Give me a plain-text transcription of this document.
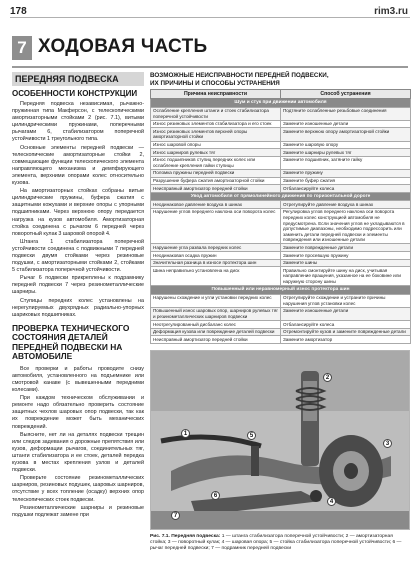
178	rim3.ru
7 ХОДОВАЯ ЧАСТЬ
ПЕРЕДНЯЯ ПОДВЕСКА
ОСОБЕННОСТИ КОНСТРУКЦИИ

Передняя подвеска независимая, рычажно-пружинная типа Макферсон, с телескопическими амортизаторными стойками 2 (рис. 7.1), витыми цилиндрическими пружинами, поперечными рычагами 6, стабилизатором поперечной устойчивости 1 треугольного типа.

Основные элементы передней подвески — телескопические амортизаторные стойки 2, совмещающие функции телескопического элемента направляющего механизма и демпфирующего элемента, верхними опорами колес относительно кузова.

На амортизаторных стойках собраны витые цилиндрические пружины, буфера сжатия с защитными кожухами и верхние опоры с упорными подшипниками. Через верхнюю опору передается нагрузка на кузов автомобиля. Амортизаторная стойка соединена с рычагом 6 передней через поворотный кулак 3 шаровой опорой 4.

Штанга 1 стабилизатора поперечной устойчивости соединена с подвижными 7 передней подвески двумя стойками через резиновые подушки, с амортизаторными стойками 2, стойками 5 стабилизатора поперечной устойчивости.

Рычаг 6 подвески прикреплены к подрамнику передней подвески 7 через резинометаллические шарниры.

Ступицы передних колес установлены на нерегулируемых двухрядных радиально-упорных шариковых подшипниках.

ПРОВЕРКА ТЕХНИЧЕСКОГО СОСТОЯНИЯ ДЕТАЛЕЙ ПЕРЕДНЕЙ ПОДВЕСКИ НА АВТОМОБИЛЕ

Все проверки и работы проводите снизу автомобиля, установленного на подъемнике или смотровой канаве (с вывешенными передними колесами).

При каждом техническом обслуживании и ремонте надо обязательно проверить состояние защитных чехлов шаровых опор подвески, так как их повреждение может быть механических повреждений.

Выясните, нет ли на деталях подвески трещин или следов задевания о дорожные препятствия или кузов, деформации рычагов, соединительных тяг, штанги стабилизатора и ее стоек, деталей передка кузова в местах крепления узлов и деталей подвески.

Проверьте состояние резинометаллических шарниров, резиновых подушек, шаровых шарниров, отсутствие у всех топление (осадку) верхних опор телескопических стоек подвески.

Резинометаллические шарниры и резиновые подушки подлежат замене при

ВОЗМОЖНЫЕ НЕИСПРАВНОСТИ ПЕРЕДНЕЙ ПОДВЕСКИ,
ИХ ПРИЧИНЫ И СПОСОБЫ УСТРАНЕНИЯ
Причина неисправности	Способ устранения
Шум и стук при движении автомобиля	
Ослабление крепления штанги и стоек стабилизатора поперечной устойчивости	Подтяните ослабленные резьбовые соединения
Износ резиновых элементов стабилизатора и его стоек	Замените изношенные детали
Износ резиновых элементов верхней опоры амортизаторной стойки	Замените верхнюю опору амортизаторной стойки
Износ шаровой опоры	Замените шаровую опору
Износ шарниров рулевых тяг	Замените шарниры рулевых тяг
Износ подшипников ступиц передних колес или ослабление крепления гайки ступицы	Замените подшипник, затяните гайку
Поломка пружины передней подвески	Замените пружину
Разрушение буфера сжатия амортизаторной стойки	Замените буфер сжатия
Неисправный амортизатор передней стойки	Отбалансируйте колеса
Увод автомобиля от прямолинейного движения по горизонтальной дороге	
Неодинаковое давление воздуха в шинах	Отрегулируйте давление воздуха в шинах
Нарушение углов переднего наклона оси поворота колес	Регулировка углов переднего наклона оси поворота передних колес конструкцией автомобиля не предусмотрена. Если значения углов не укладываются в допустимые диапазоны, необходимо подрессорить или заменить детали передней подвески и элементы повреждения или изношенные детали
Нарушение угла развала передних колес	Замените поврежденные детали
Неодинаковая осадка пружин	Замените просевшую пружину
Значительная разница в износе протектора шин	Замените шины
Шина неправильно установлена на диск	Правильно смонтируйте шину на диск, учитывая направление вращения, указанное на ее боковине или наружную сторону шины
Повышенный или неравномерный износ протектора шин	
Нарушены схождение и угли установки передних колес	Отрегулируйте схождение и устраните причины нарушения углов установки колес
Повышенный износ шаровых опор, шарниров рулевых тяг и резинометаллических шарниров подвески	Замените изношенные детали
Неотрегулированный дисбаланс колес	Отбалансируйте колеса
Деформация кузова или повреждение деталей подвески	Отремонтируйте кузов и замените поврежденные детали
Неисправный амортизатор передней стойки	Замените амортизатор
1
2
3
4
5
6
7
Рис. 7.1. Передняя подвеска: 1 — штанга стабилизатора поперечной устойчивости; 2 — амортизаторная стойка; 3 — поворотный кулак; 4 — шаровая опора; 5 — стойка стабилизатора поперечной устойчивости; 6 — рычаг передней подвески; 7 — подрамник передней подвески
